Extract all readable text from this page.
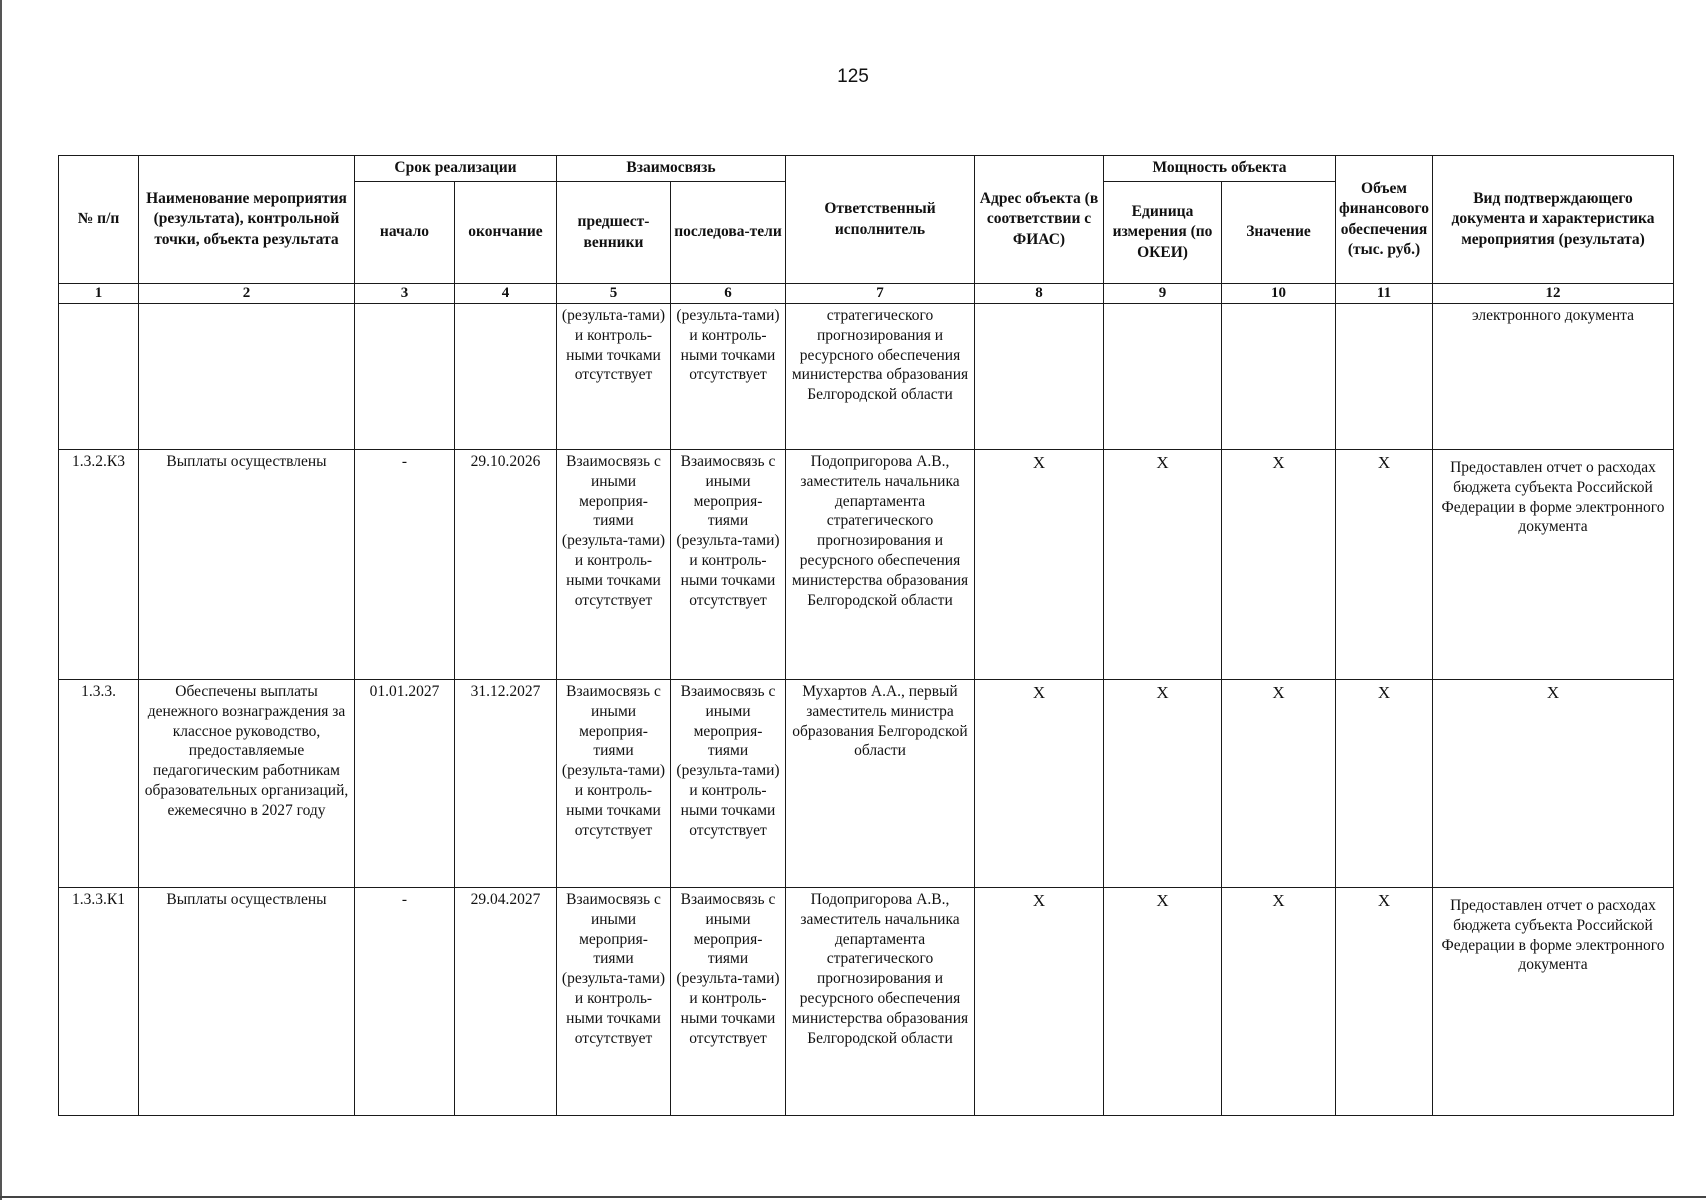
125
№ п/п	Наименование мероприятия (результата), контрольной точки, объекта результата	Срок реализации		Взаимосвязь		Ответственный исполнитель	Адрес объекта (в соответствии с ФИАС)	Мощность объекта		Объем финансового обеспечения (тыс. руб.)	Вид подтверждающего документа и характеристика мероприятия (результата)
		начало	окончание	предшест-венники	последова-тели			Единица измерения (по ОКЕИ)	Значение		
1	2	3	4	5	6	7	8	9	10	11	12
				(результа-тами) и контроль-ными точками отсутствует	(результа-тами) и контроль-ными точками отсутствует	стратегического прогнозирования и ресурсного обеспечения министерства образования Белгородской области					электронного документа
1.3.2.К3	Выплаты осуществлены	-	29.10.2026	Взаимосвязь с иными мероприя-тиями (результа-тами) и контроль-ными точками отсутствует	Взаимосвязь с иными мероприя-тиями (результа-тами) и контроль-ными точками отсутствует	Подопригорова А.В., заместитель начальника департамента стратегического прогнозирования и ресурсного обеспечения министерства образования Белгородской области	X	X	X	X	Предоставлен отчет о расходах бюджета субъекта Российской Федерации в форме электронного документа
1.3.3.	Обеспечены выплаты денежного вознаграждения за классное руководство, предоставляемые педагогическим работникам образовательных организаций, ежемесячно в 2027 году	01.01.2027	31.12.2027	Взаимосвязь с иными мероприя-тиями (результа-тами) и контроль-ными точками отсутствует	Взаимосвязь с иными мероприя-тиями (результа-тами) и контроль-ными точками отсутствует	Мухартов А.А., первый заместитель министра образования Белгородской области	X	X	X	X	X
1.3.3.К1	Выплаты осуществлены	-	29.04.2027	Взаимосвязь с иными мероприя-тиями (результа-тами) и контроль-ными точками отсутствует	Взаимосвязь с иными мероприя-тиями (результа-тами) и контроль-ными точками отсутствует	Подопригорова А.В., заместитель начальника департамента стратегического прогнозирования и ресурсного обеспечения министерства образования Белгородской области	X	X	X	X	Предоставлен отчет о расходах бюджета субъекта Российской Федерации в форме электронного документа
